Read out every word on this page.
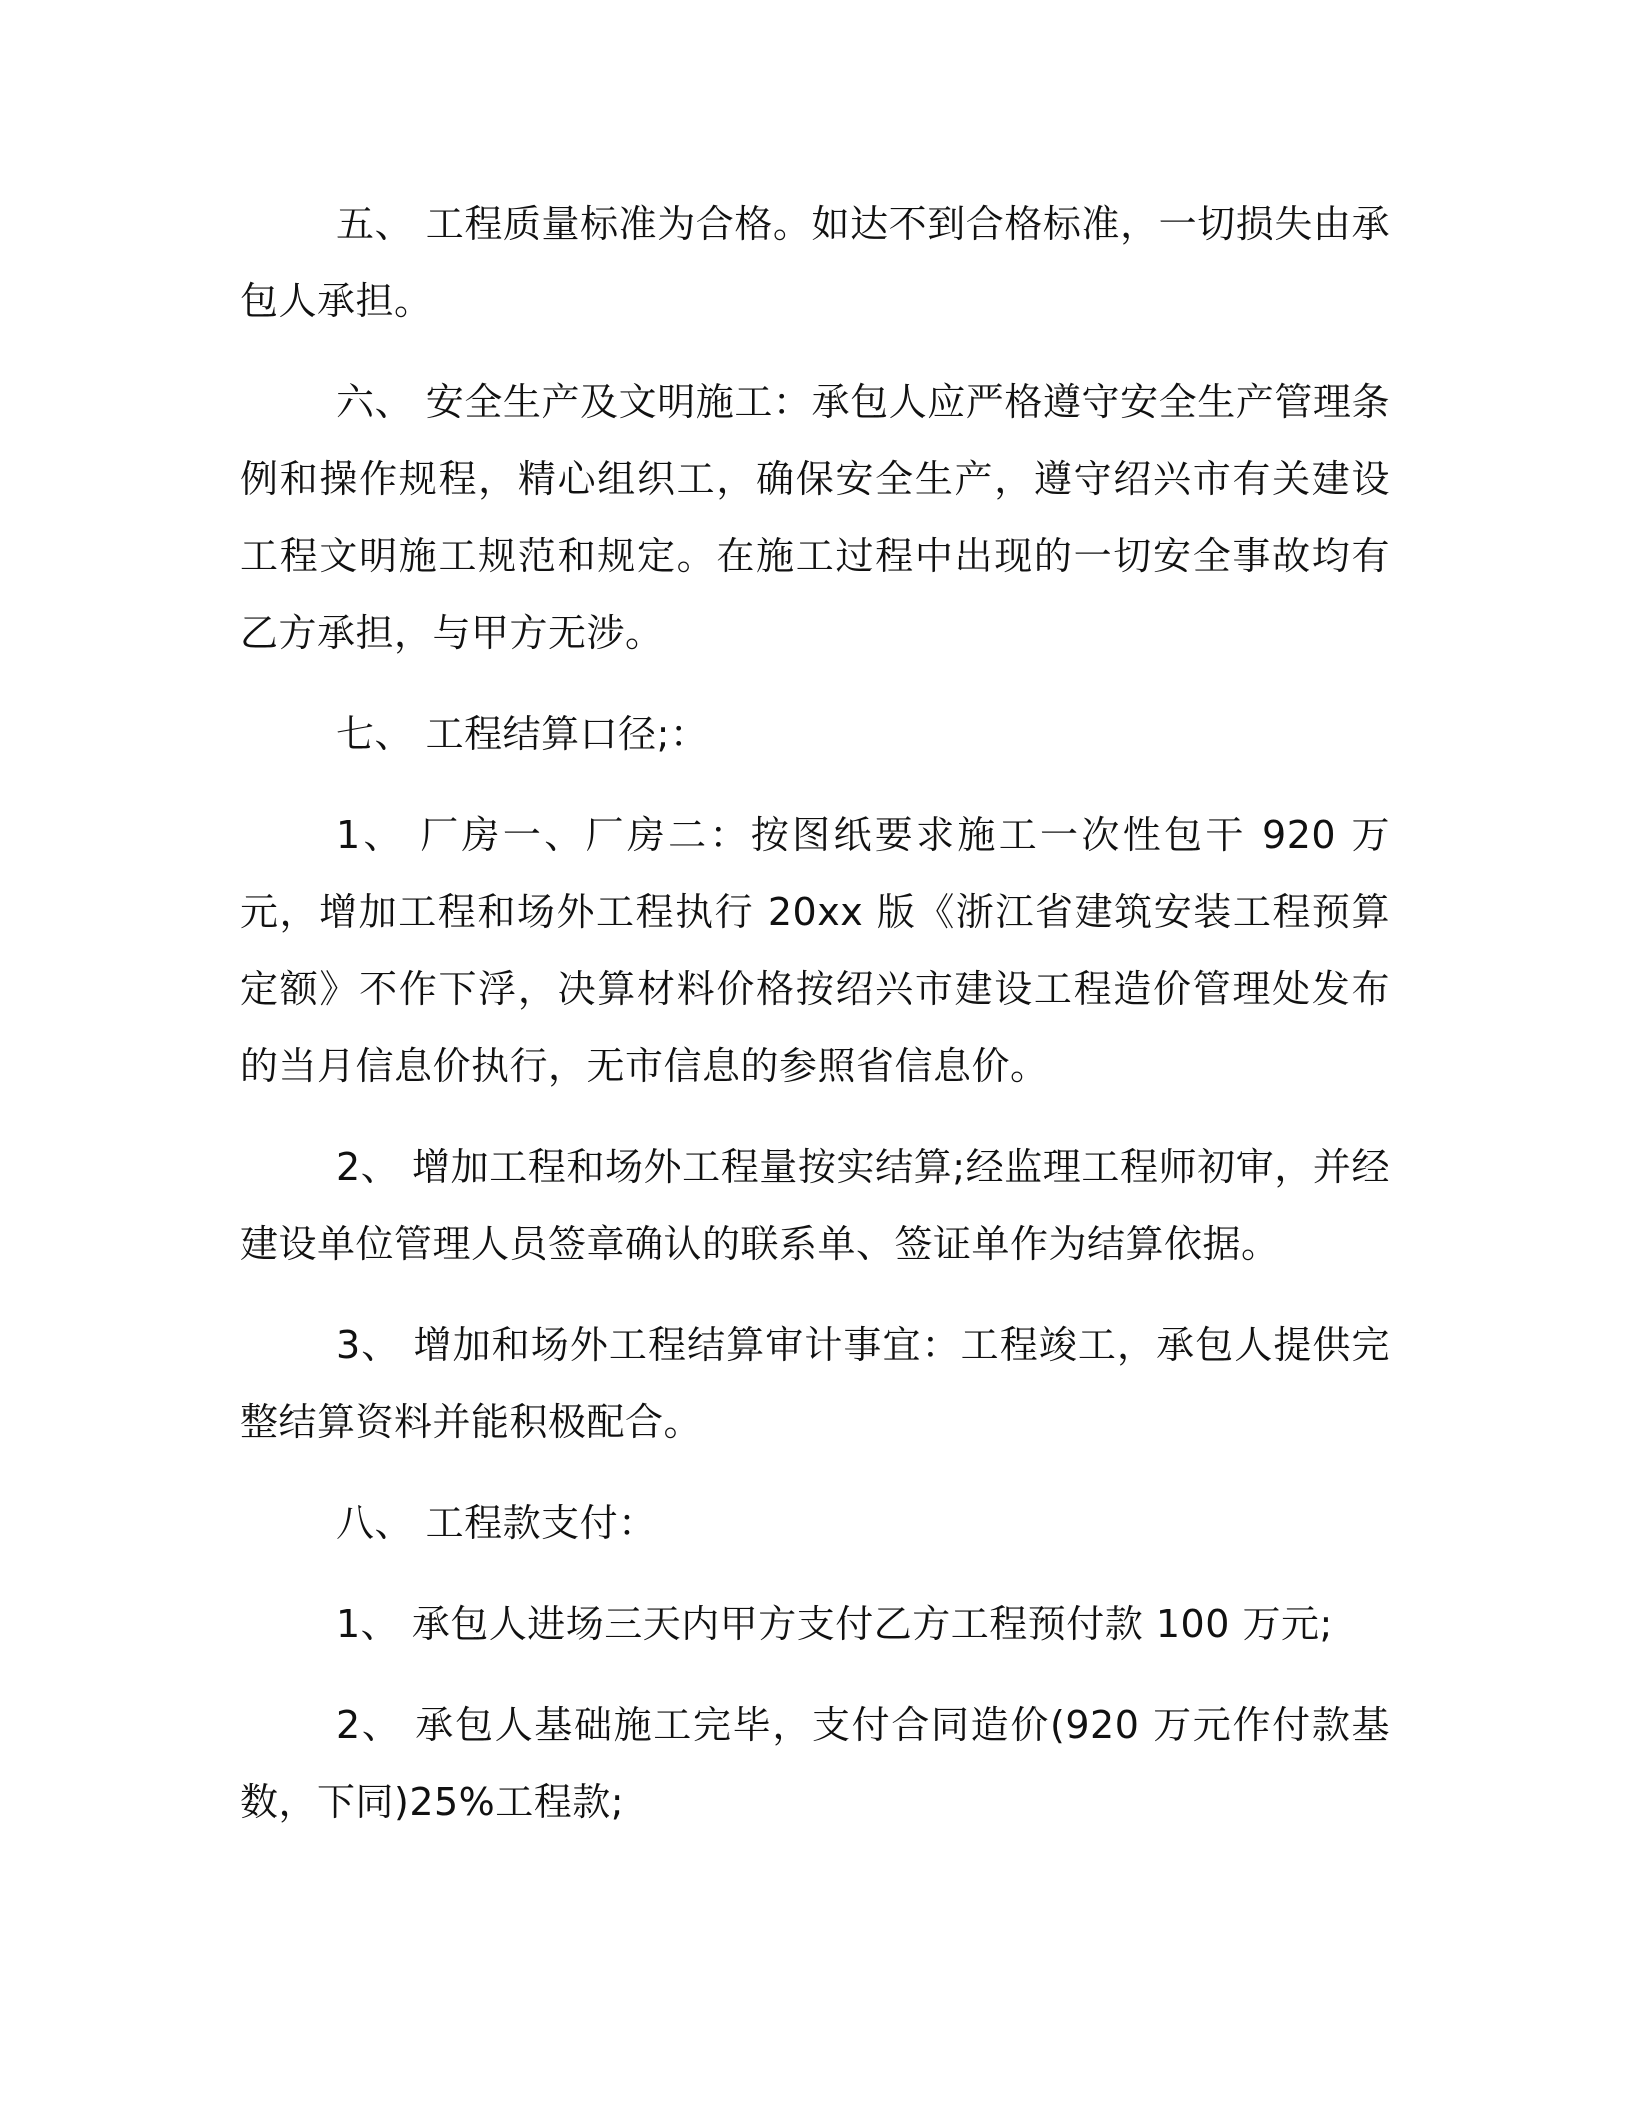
五、 工程质量标准为合格。如达不到合格标准，一切损失由承包人承担。

六、 安全生产及文明施工：承包人应严格遵守安全生产管理条例和操作规程，精心组织工，确保安全生产，遵守绍兴市有关建设工程文明施工规范和规定。在施工过程中出现的一切安全事故均有乙方承担，与甲方无涉。

七、 工程结算口径;：

1、 厂房一、厂房二：按图纸要求施工一次性包干 920 万元，增加工程和场外工程执行 20xx 版《浙江省建筑安装工程预算定额》不作下浮，决算材料价格按绍兴市建设工程造价管理处发布的当月信息价执行，无市信息的参照省信息价。

2、 增加工程和场外工程量按实结算;经监理工程师初审，并经建设单位管理人员签章确认的联系单、签证单作为结算依据。

3、 增加和场外工程结算审计事宜：工程竣工，承包人提供完整结算资料并能积极配合。

八、 工程款支付：

1、 承包人进场三天内甲方支付乙方工程预付款 100 万元;

2、 承包人基础施工完毕，支付合同造价(920 万元作付款基数，下同)25%工程款;
